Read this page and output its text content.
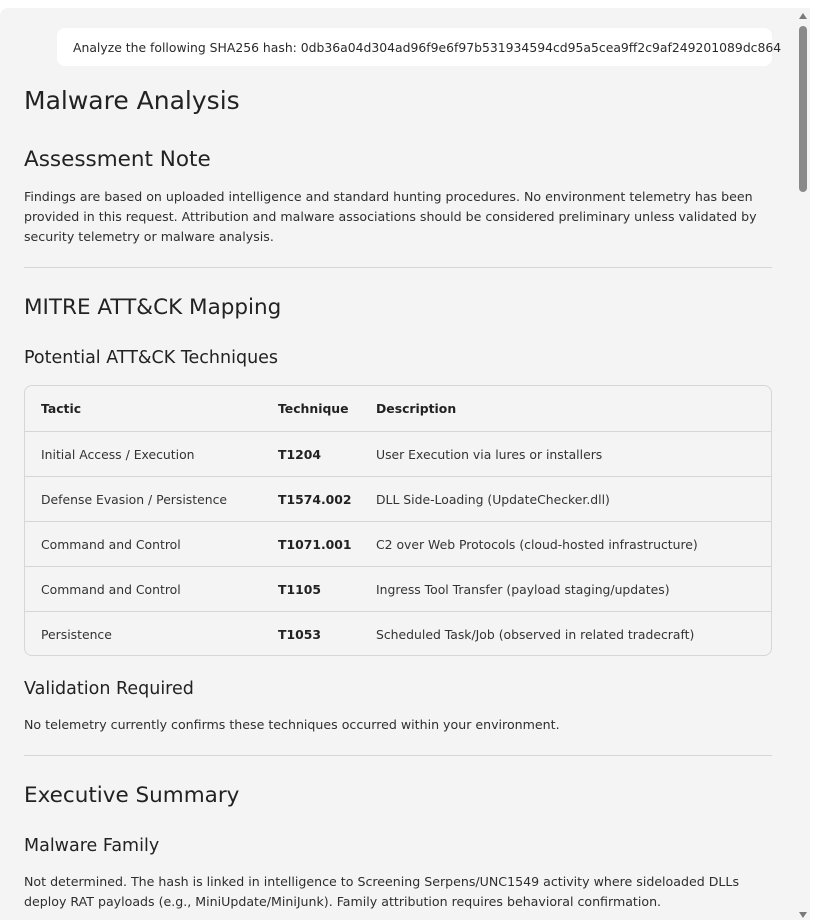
Analyze the following SHA256 hash: 0db36a04d304ad96f9e6f97b531934594cd95a5cea9ff2c9af249201089dc864
Malware Analysis
Assessment Note

Findings are based on uploaded intelligence and standard hunting procedures. No environment telemetry has been provided in this request. Attribution and malware associations should be considered preliminary unless validated by security telemetry or malware analysis.

MITRE ATT&CK Mapping
Potential ATT&CK Techniques
Tactic	Technique Description
Initial Access / Execution	T1204	User Execution via lures or installers
Defense Evasion / Persistence	T1574.002 DLL Side-Loading (UpdateChecker.dll)
Command and Control	T1071.001 C2 over Web Protocols (cloud-hosted infrastructure)
Command and Control	T1105	Ingress Tool Transfer (payload staging/updates)
Persistence	T1053	Scheduled Task/Job (observed in related tradecraft)
Validation Required

No telemetry currently confirms these techniques occurred within your environment.

Executive Summary
Malware Family

Not determined. The hash is linked in intelligence to Screening Serpens/UNC1549 activity where sideloaded DLLs deploy RAT payloads (e.g., MiniUpdate/MiniJunk). Family attribution requires behavioral confirmation.
